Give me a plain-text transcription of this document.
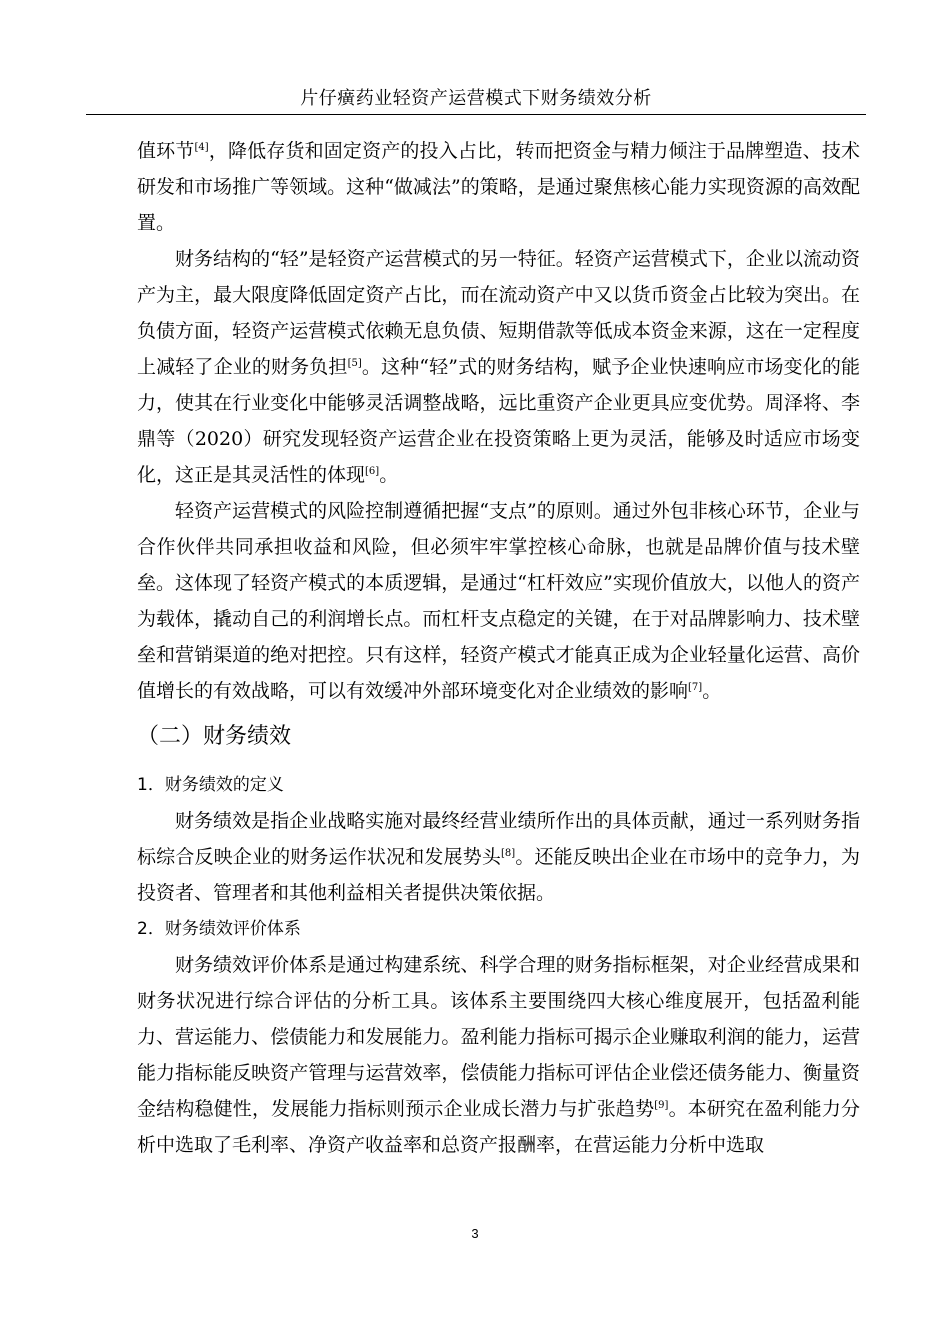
片仔癀药业轻资产运营模式下财务绩效分析

值环节[4]，降低存货和固定资产的投入占比，转而把资金与精力倾注于品牌塑造、技术研发和市场推广等领域。这种“做减法”的策略，是通过聚焦核心能力实现资源的高效配置。

财务结构的“轻”是轻资产运营模式的另一特征。轻资产运营模式下，企业以流动资产为主，最大限度降低固定资产占比，而在流动资产中又以货币资金占比较为突出。在负债方面，轻资产运营模式依赖无息负债、短期借款等低成本资金来源，这在一定程度上减轻了企业的财务负担[5]。这种“轻”式的财务结构，赋予企业快速响应市场变化的能力，使其在行业变化中能够灵活调整战略，远比重资产企业更具应变优势。周泽将、李鼎等（2020）研究发现轻资产运营企业在投资策略上更为灵活，能够及时适应市场变化，这正是其灵活性的体现[6]。

轻资产运营模式的风险控制遵循把握“支点”的原则。通过外包非核心环节，企业与合作伙伴共同承担收益和风险，但必须牢牢掌控核心命脉，也就是品牌价值与技术壁垒。这体现了轻资产模式的本质逻辑，是通过“杠杆效应”实现价值放大，以他人的资产为载体，撬动自己的利润增长点。而杠杆支点稳定的关键，在于对品牌影响力、技术壁垒和营销渠道的绝对把控。只有这样，轻资产模式才能真正成为企业轻量化运营、高价值增长的有效战略，可以有效缓冲外部环境变化对企业绩效的影响[7]。

（二）财务绩效
1．财务绩效的定义

财务绩效是指企业战略实施对最终经营业绩所作出的具体贡献，通过一系列财务指标综合反映企业的财务运作状况和发展势头[8]。还能反映出企业在市场中的竞争力，为投资者、管理者和其他利益相关者提供决策依据。

2．财务绩效评价体系

财务绩效评价体系是通过构建系统、科学合理的财务指标框架，对企业经营成果和财务状况进行综合评估的分析工具。该体系主要围绕四大核心维度展开，包括盈利能力、营运能力、偿债能力和发展能力。盈利能力指标可揭示企业赚取利润的能力，运营能力指标能反映资产管理与运营效率，偿债能力指标可评估企业偿还债务能力、衡量资金结构稳健性，发展能力指标则预示企业成长潜力与扩张趋势[9]。本研究在盈利能力分析中选取了毛利率、净资产收益率和总资产报酬率，在营运能力分析中选取

3
